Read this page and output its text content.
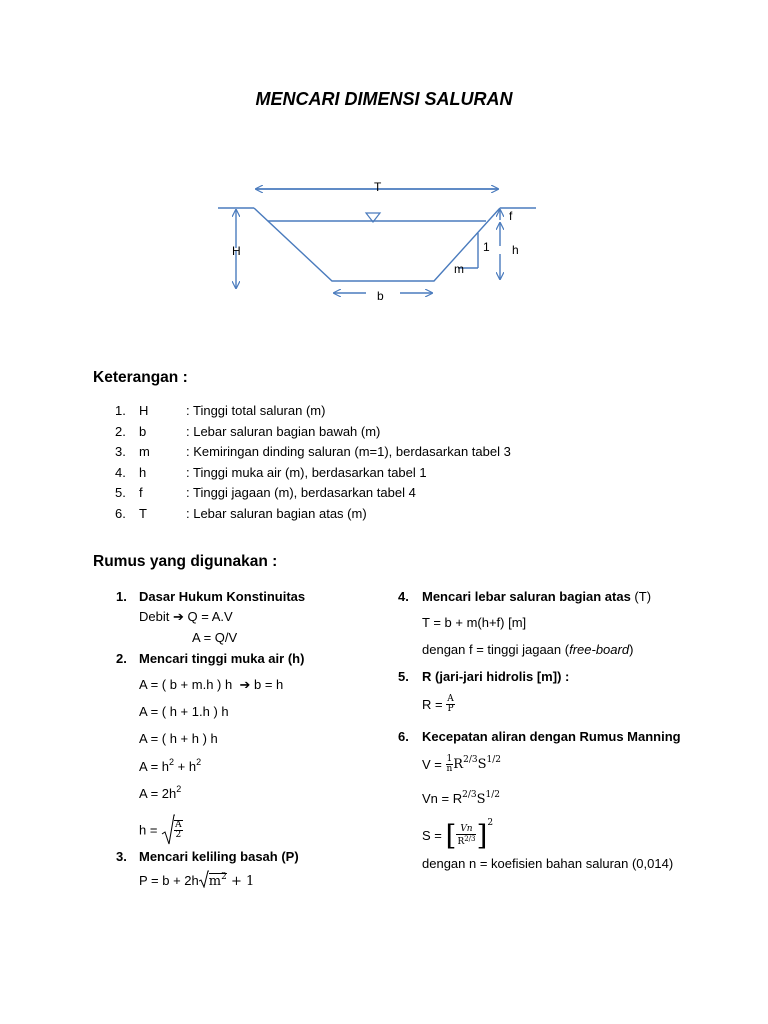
MENCARI DIMENSI SALURAN
T
f
H	1 h
m
b
Keterangan :
1. H	: Tinggi total saluran (m)
2. b	: Lebar saluran bagian bawah (m)
3. m	: Kemiringan dinding saluran (m=1), berdasarkan tabel 3
4. h	: Tinggi muka air (m), berdasarkan tabel 1
5. f	: Tinggi jagaan (m), berdasarkan tabel 4
6. T	: Lebar saluran bagian atas (m)
Rumus yang digunakan :
1. Dasar Hukum Konstinuitas
Debit ➔ Q = A.V
A = Q/V
2. Mencari tinggi muka air (h)
A = ( b + m.h ) h ➔ b = h
A = ( h + 1.h ) h
A = ( h + h ) h
$A = h^2 + h^2$
$A = 2h^2$
$h = \frac{A}{2}$
3. Mencari keliling basah (P)
P = b + 2h $m^2 + 1$
4. Mencari lebar saluran bagian atas (T)
T = b + m(h+f) [m]
dengan f = tinggi jagaan (free-board)
5. R (jari-jari hidrolis [m]) :
$R = \frac{A}{P}$
6. Kecepatan aliran dengan Rumus Manning
$V = \frac{1}{n} R^{2/3}S^{1/2}$
$Vn = R^{2/3}S^{1/2}$
S = [ $\frac{Vn}{R^{2/3}} ]^2$
dengan n = koefisien bahan saluran (0,014)
